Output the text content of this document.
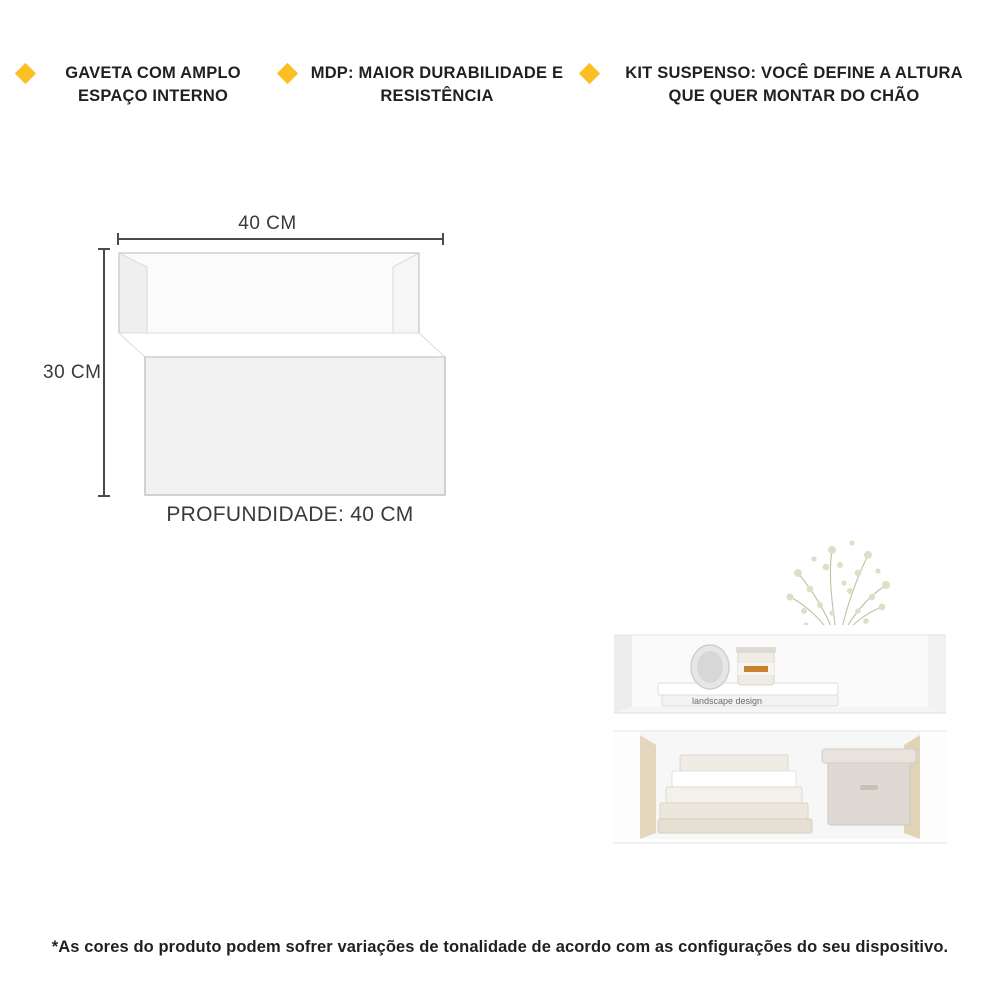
GAVETA COM AMPLO ESPAÇO INTERNO
MDP: MAIOR DURABILIDADE E RESISTÊNCIA
KIT SUSPENSO: VOCÊ DEFINE A ALTURA QUE QUER MONTAR DO CHÃO
40 CM
30 CM
PROFUNDIDADE: 40 CM
landscape design
*As cores do produto podem sofrer variações de tonalidade de acordo com as configurações do seu dispositivo.
